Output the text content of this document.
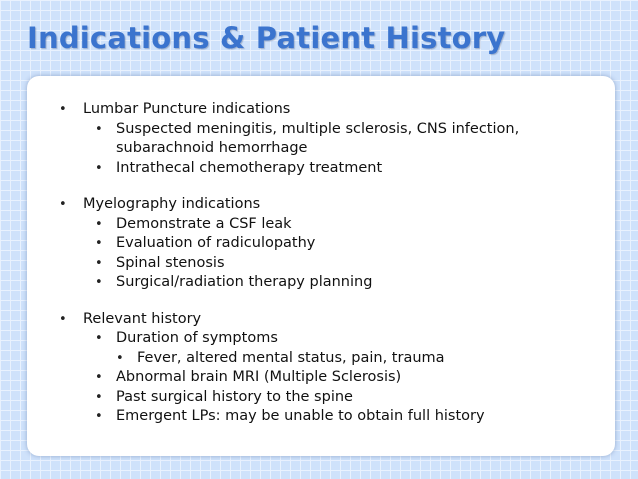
Indications & Patient History
• Lumbar Puncture indications
• Suspected meningitis, multiple sclerosis, CNS infection, subarachnoid hemorrhage
• Intrathecal chemotherapy treatment
• Myelography indications
• Demonstrate a CSF leak
• Evaluation of radiculopathy
• Spinal stenosis
• Surgical/radiation therapy planning
• Relevant history
• Duration of symptoms
• Fever, altered mental status, pain, trauma
• Abnormal brain MRI (Multiple Sclerosis)
• Past surgical history to the spine
• Emergent LPs: may be unable to obtain full history
